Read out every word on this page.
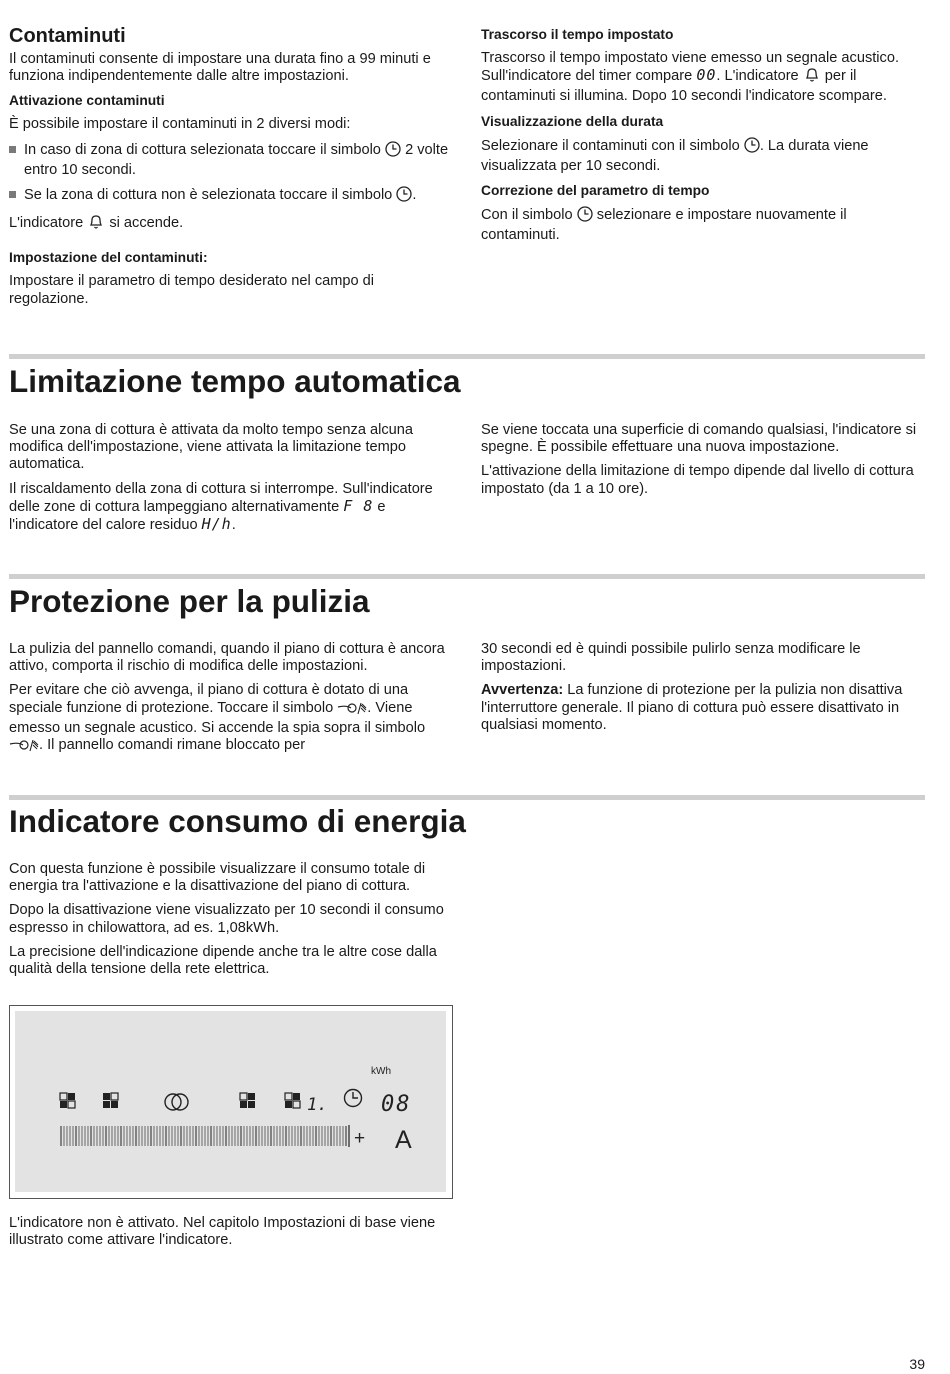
Contaminuti

Il contaminuti consente di impostare una durata fino a 99 minuti e funziona indipendentemente dalle altre impostazioni.

Attivazione contaminuti

È possibile impostare il contaminuti in 2 diversi modi:

In caso di zona di cottura selezionata toccare il simbolo 2 volte entro 10 secondi.
Se la zona di cottura non è selezionata toccare il simbolo .

L'indicatore si accende.

Impostazione del contaminuti:

Impostare il parametro di tempo desiderato nel campo di regolazione.

Trascorso il tempo impostato

Trascorso il tempo impostato viene emesso un segnale acustico. Sull'indicatore del timer compare 00. L'indicatore per il contaminuti si illumina. Dopo 10 secondi l'indicatore scompare.

Visualizzazione della durata

Selezionare il contaminuti con il simbolo . La durata viene visualizzata per 10 secondi.

Correzione del parametro di tempo

Con il simbolo selezionare e impostare nuovamente il contaminuti.

Limitazione tempo automatica

Se una zona di cottura è attivata da molto tempo senza alcuna modifica dell'impostazione, viene attivata la limitazione tempo automatica.

Il riscaldamento della zona di cottura si interrompe. Sull'indicatore delle zone di cottura lampeggiano alternativamente F 8 e l'indicatore del calore residuo H/h.

Se viene toccata una superficie di comando qualsiasi, l'indicatore si spegne. È possibile effettuare una nuova impostazione.

L'attivazione della limitazione di tempo dipende dal livello di cottura impostato (da 1 a 10 ore).

Protezione per la pulizia

La pulizia del pannello comandi, quando il piano di cottura è ancora attivo, comporta il rischio di modifica delle impostazioni.

Per evitare che ciò avvenga, il piano di cottura è dotato di una speciale funzione di protezione. Toccare il simbolo . Viene emesso un segnale acustico. Si accende la spia sopra il simbolo . Il pannello comandi rimane bloccato per

30 secondi ed è quindi possibile pulirlo senza modificare le impostazioni.

Avvertenza: La funzione di protezione per la pulizia non disattiva l'interruttore generale. Il piano di cottura può essere disattivato in qualsiasi momento.

Indicatore consumo di energia

Con questa funzione è possibile visualizzare il consumo totale di energia tra l'attivazione e la disattivazione del piano di cottura.

Dopo la disattivazione viene visualizzato per 10 secondi il consumo espresso in chilowattora, ad es. 1,08kWh.

La precisione dell'indicazione dipende anche tra le altre cose dalla qualità della tensione della rete elettrica.

1.
kWh
08
+ A

L'indicatore non è attivato. Nel capitolo Impostazioni di base viene illustrato come attivare l'indicatore.

39
